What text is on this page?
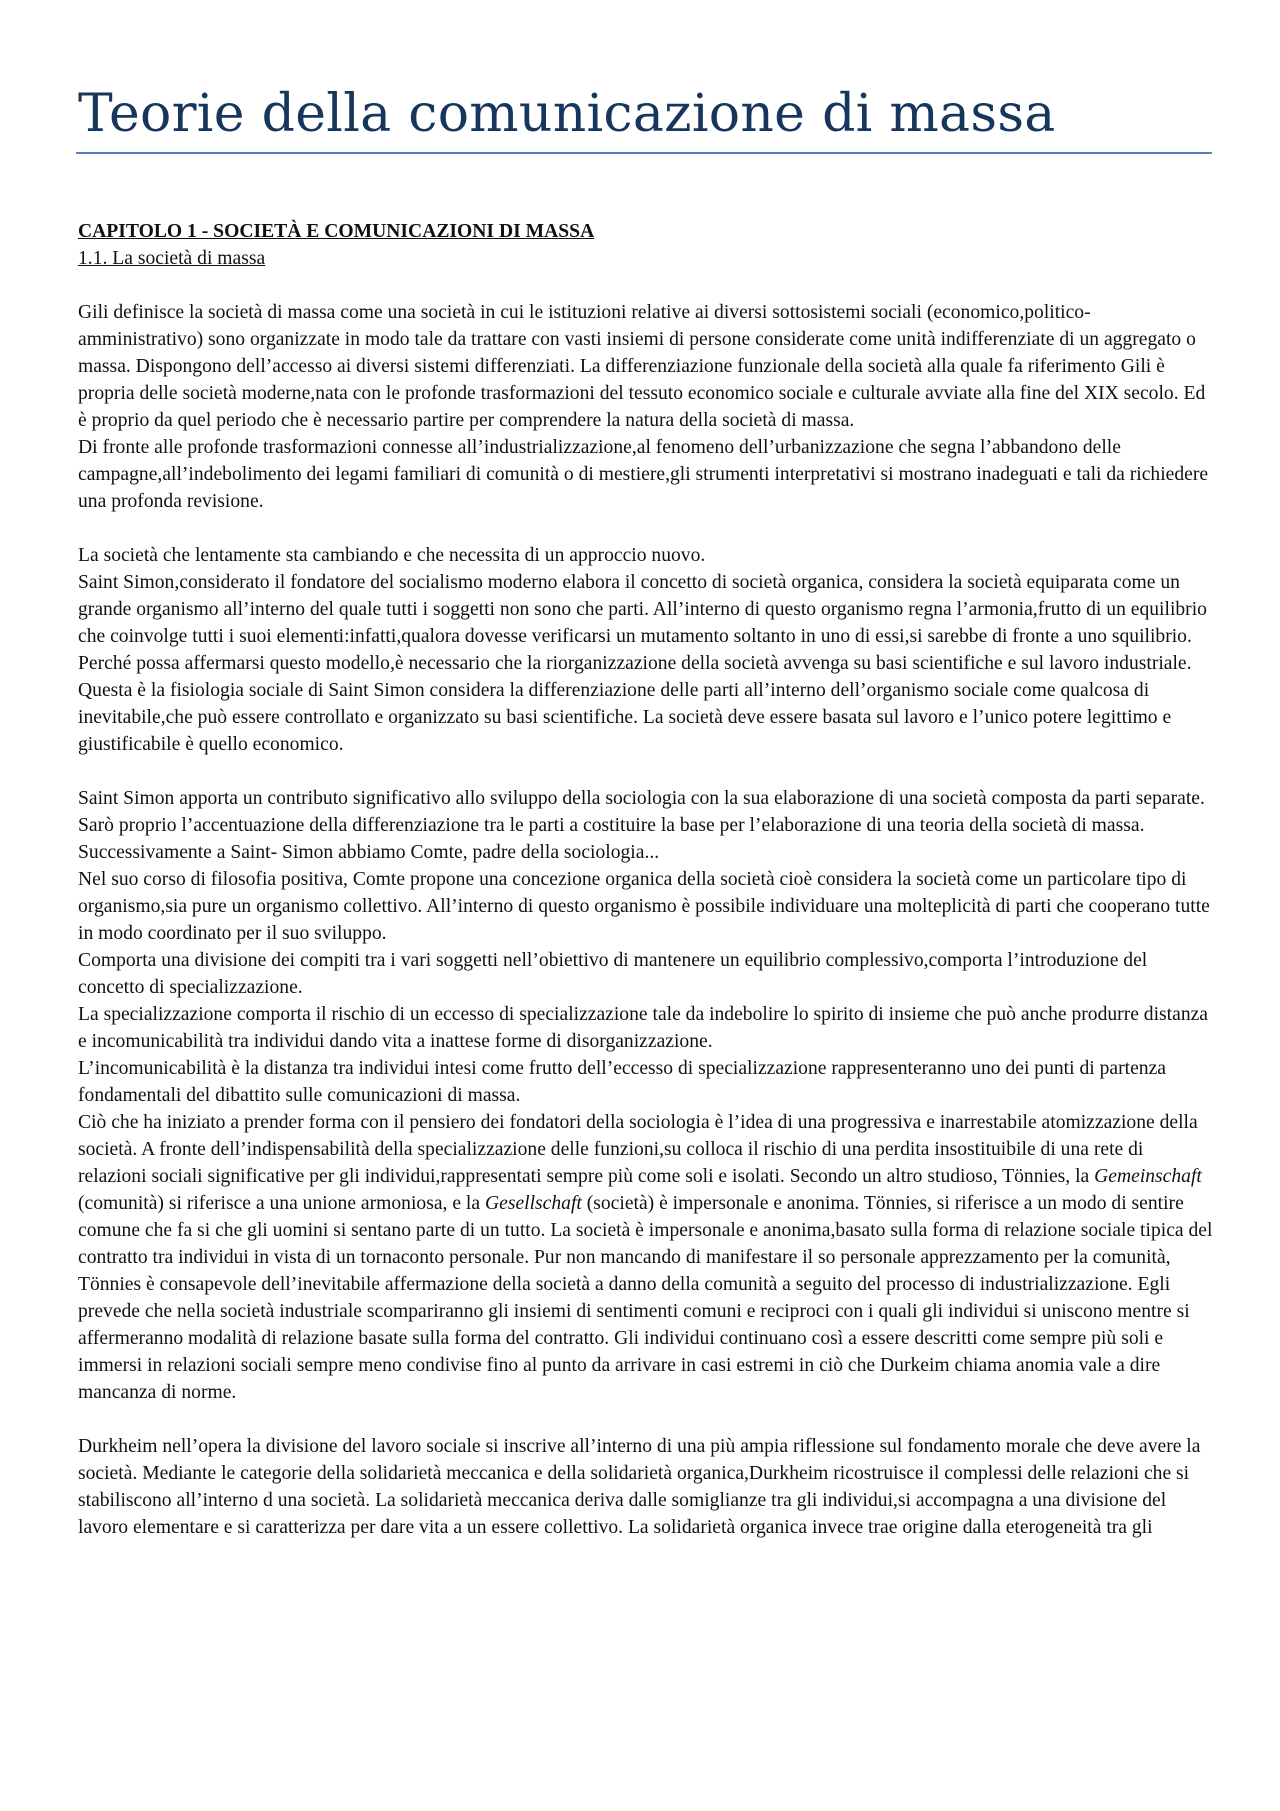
Teorie della comunicazione di massa

CAPITOLO 1 - SOCIETÀ E COMUNICAZIONI DI MASSA

1.1. La società di massa

Gili definisce la società di massa come una società in cui le istituzioni relative ai diversi sottosistemi sociali (economico,politico-amministrativo) sono organizzate in modo tale da trattare con vasti insiemi di persone considerate come unità indifferenziate di un aggregato o massa. Dispongono dell’accesso ai diversi sistemi differenziati. La differenziazione funzionale della società alla quale fa riferimento Gili è propria delle società moderne,nata con le profonde trasformazioni del tessuto economico sociale e culturale avviate alla fine del XIX secolo. Ed è proprio da quel periodo che è necessario partire per comprendere la natura della società di massa.

Di fronte alle profonde trasformazioni connesse all’industrializzazione,al fenomeno dell’urbanizzazione che segna l’abbandono delle campagne,all’indebolimento dei legami familiari di comunità o di mestiere,gli strumenti interpretativi si mostrano inadeguati e tali da richiedere una profonda revisione.

La società che lentamente sta cambiando e che necessita di un approccio nuovo.

Saint Simon,considerato il fondatore del socialismo moderno elabora il concetto di società organica, considera la società equiparata come un grande organismo all’interno del quale tutti i soggetti non sono che parti. All’interno di questo organismo regna l’armonia,frutto di un equilibrio che coinvolge tutti i suoi elementi:infatti,qualora dovesse verificarsi un mutamento soltanto in uno di essi,si sarebbe di fronte a uno squilibrio. Perché possa affermarsi questo modello,è necessario che la riorganizzazione della società avvenga su basi scientifiche e sul lavoro industriale. Questa è la fisiologia sociale di Saint Simon considera la differenziazione delle parti all’interno dell’organismo sociale come qualcosa di inevitabile,che può essere controllato e organizzato su basi scientifiche. La società deve essere basata sul lavoro e l’unico potere legittimo e giustificabile è quello economico.

Saint Simon apporta un contributo significativo allo sviluppo della sociologia con la sua elaborazione di una società composta da parti separate. Sarò proprio l’accentuazione della differenziazione tra le parti a costituire la base per l’elaborazione di una teoria della società di massa. Successivamente a Saint- Simon abbiamo Comte, padre della sociologia...

Nel suo corso di filosofia positiva, Comte propone una concezione organica della società cioè considera la società come un particolare tipo di organismo,sia pure un organismo collettivo. All’interno di questo organismo è possibile individuare una molteplicità di parti che cooperano tutte in modo coordinato per il suo sviluppo.

Comporta una divisione dei compiti tra i vari soggetti nell’obiettivo di mantenere un equilibrio complessivo,comporta l’introduzione del concetto di specializzazione.

La specializzazione comporta il rischio di un eccesso di specializzazione tale da indebolire lo spirito di insieme che può anche produrre distanza e incomunicabilità tra individui dando vita a inattese forme di disorganizzazione.

L’incomunicabilità è la distanza tra individui intesi come frutto dell’eccesso di specializzazione rappresenteranno uno dei punti di partenza fondamentali del dibattito sulle comunicazioni di massa.

Ciò che ha iniziato a prender forma con il pensiero dei fondatori della sociologia è l’idea di una progressiva e inarrestabile atomizzazione della società. A fronte dell’indispensabilità della specializzazione delle funzioni,su colloca il rischio di una perdita insostituibile di una rete di relazioni sociali significative per gli individui,rappresentati sempre più come soli e isolati. Secondo un altro studioso, Tönnies, la Gemeinschaft (comunità) si riferisce a una unione armoniosa, e la Gesellschaft (società) è impersonale e anonima. Tönnies, si riferisce a un modo di sentire comune che fa si che gli uomini si sentano parte di un tutto. La società è impersonale e anonima,basato sulla forma di relazione sociale tipica del contratto tra individui in vista di un tornaconto personale. Pur non mancando di manifestare il so personale apprezzamento per la comunità, Tönnies è consapevole dell’inevitabile affermazione della società a danno della comunità a seguito del processo di industrializzazione. Egli prevede che nella società industriale scompariranno gli insiemi di sentimenti comuni e reciproci con i quali gli individui si uniscono mentre si affermeranno modalità di relazione basate sulla forma del contratto. Gli individui continuano così a essere descritti come sempre più soli e immersi in relazioni sociali sempre meno condivise fino al punto da arrivare in casi estremi in ciò che Durkeim chiama anomia vale a dire mancanza di norme.

Durkheim nell’opera la divisione del lavoro sociale si inscrive all’interno di una più ampia riflessione sul fondamento morale che deve avere la società. Mediante le categorie della solidarietà meccanica e della solidarietà organica,Durkheim ricostruisce il complessi delle relazioni che si stabiliscono all’interno d una società. La solidarietà meccanica deriva dalle somiglianze tra gli individui,si accompagna a una divisione del lavoro elementare e si caratterizza per dare vita a un essere collettivo. La solidarietà organica invece trae origine dalla eterogeneità tra gli
